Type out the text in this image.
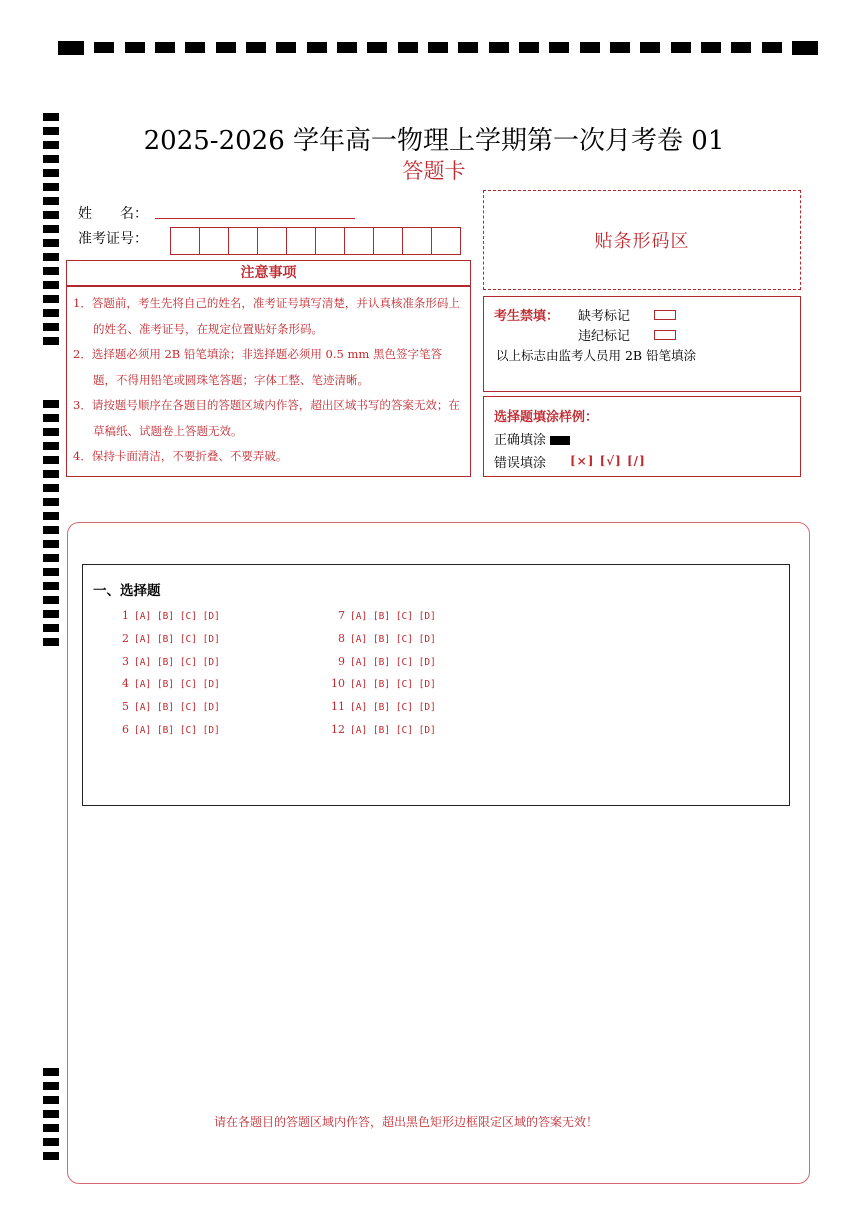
2025-2026 学年高一物理上学期第一次月考卷 01
答题卡
姓　　名：
准考证号：	贴条形码区
注意事项
1．答题前，考生先将自己的姓名，准考证号填写清楚，并认真核准条形码上的姓名、准考证号，在规定位置贴好条形码。
2．选择题必须用 2B 铅笔填涂；非选择题必须用 0.5 mm 黑色签字笔答题，不得用铅笔或圆珠笔答题；字体工整、笔迹清晰。
3．请按题号顺序在各题目的答题区域内作答，超出区域书写的答案无效；在草稿纸、试题卷上答题无效。
4．保持卡面清洁，不要折叠、不要弄破。
考生禁填： 缺考标记
违纪标记
以上标志由监考人员用 2B 铅笔填涂
选择题填涂样例：
正确填涂
错误填涂 [×] [√] [/]
一、选择题
1 [A] [B] [C] [D]
2 [A] [B] [C] [D]
3 [A] [B] [C] [D]
4 [A] [B] [C] [D]
5 [A] [B] [C] [D]
6 [A] [B] [C] [D]
7 [A] [B] [C] [D]
8 [A] [B] [C] [D]
9 [A] [B] [C] [D]
10 [A] [B] [C] [D]
11 [A] [B] [C] [D]
12 [A] [B] [C] [D]
请在各题目的答题区域内作答，超出黑色矩形边框限定区域的答案无效！
